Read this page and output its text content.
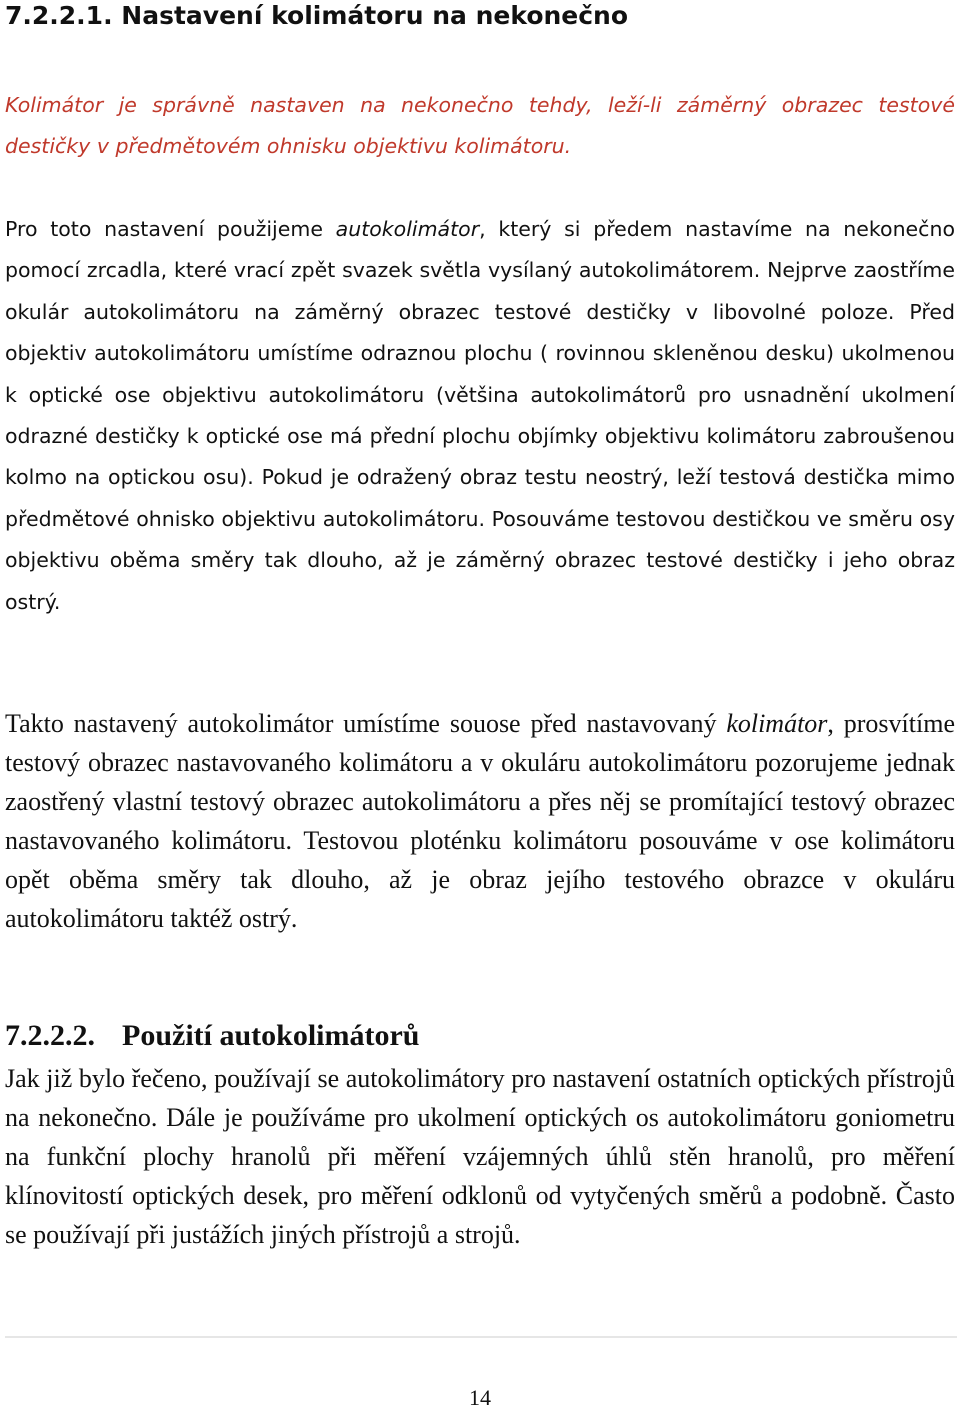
7.2.2.1. Nastavení kolimátoru na nekonečno

Kolimátor je správně nastaven na nekonečno tehdy, leží-li záměrný obrazec testové destičky v předmětovém ohnisku objektivu kolimátoru.

Pro toto nastavení použijeme autokolimátor, který si předem nastavíme na nekonečno pomocí zrcadla, které vrací zpět svazek světla vysílaný autokolimátorem. Nejprve zaostříme okulár autokolimátoru na záměrný obrazec testové destičky v libovolné poloze. Před objektiv autokolimátoru umístíme odraznou plochu ( rovinnou skleněnou desku) ukolmenou k optické ose objektivu autokolimátoru (většina autokolimátorů pro usnadnění ukolmení odrazné destičky k optické ose má přední plochu objímky objektivu kolimátoru zabroušenou kolmo na optickou osu). Pokud je odražený obraz testu neostrý, leží testová destička mimo předmětové ohnisko objektivu autokolimátoru. Posouváme testovou destičkou ve směru osy objektivu oběma směry tak dlouho, až je záměrný obrazec testové destičky i jeho obraz ostrý.

Takto nastavený autokolimátor umístíme souose před nastavovaný kolimátor, prosvítíme testový obrazec nastavovaného kolimátoru a v okuláru autokolimátoru pozorujeme jednak zaostřený vlastní testový obrazec autokolimátoru a přes něj se promítající testový obrazec nastavovaného kolimátoru. Testovou ploténku kolimátoru posouváme v ose kolimátoru opět oběma směry tak dlouho, až je obraz jejího testového obrazce v okuláru autokolimátoru taktéž ostrý.

7.2.2.2. Použití autokolimátorů

Jak již bylo řečeno, používají se autokolimátory pro nastavení ostatních optických přístrojů na nekonečno. Dále je používáme pro ukolmení optických os autokolimátoru goniometru na funkční plochy hranolů při měření vzájemných úhlů stěn hranolů, pro měření klínovitostí optických desek, pro měření odklonů od vytyčených směrů a podobně. Často se používají při justážích jiných přístrojů a strojů.

14
